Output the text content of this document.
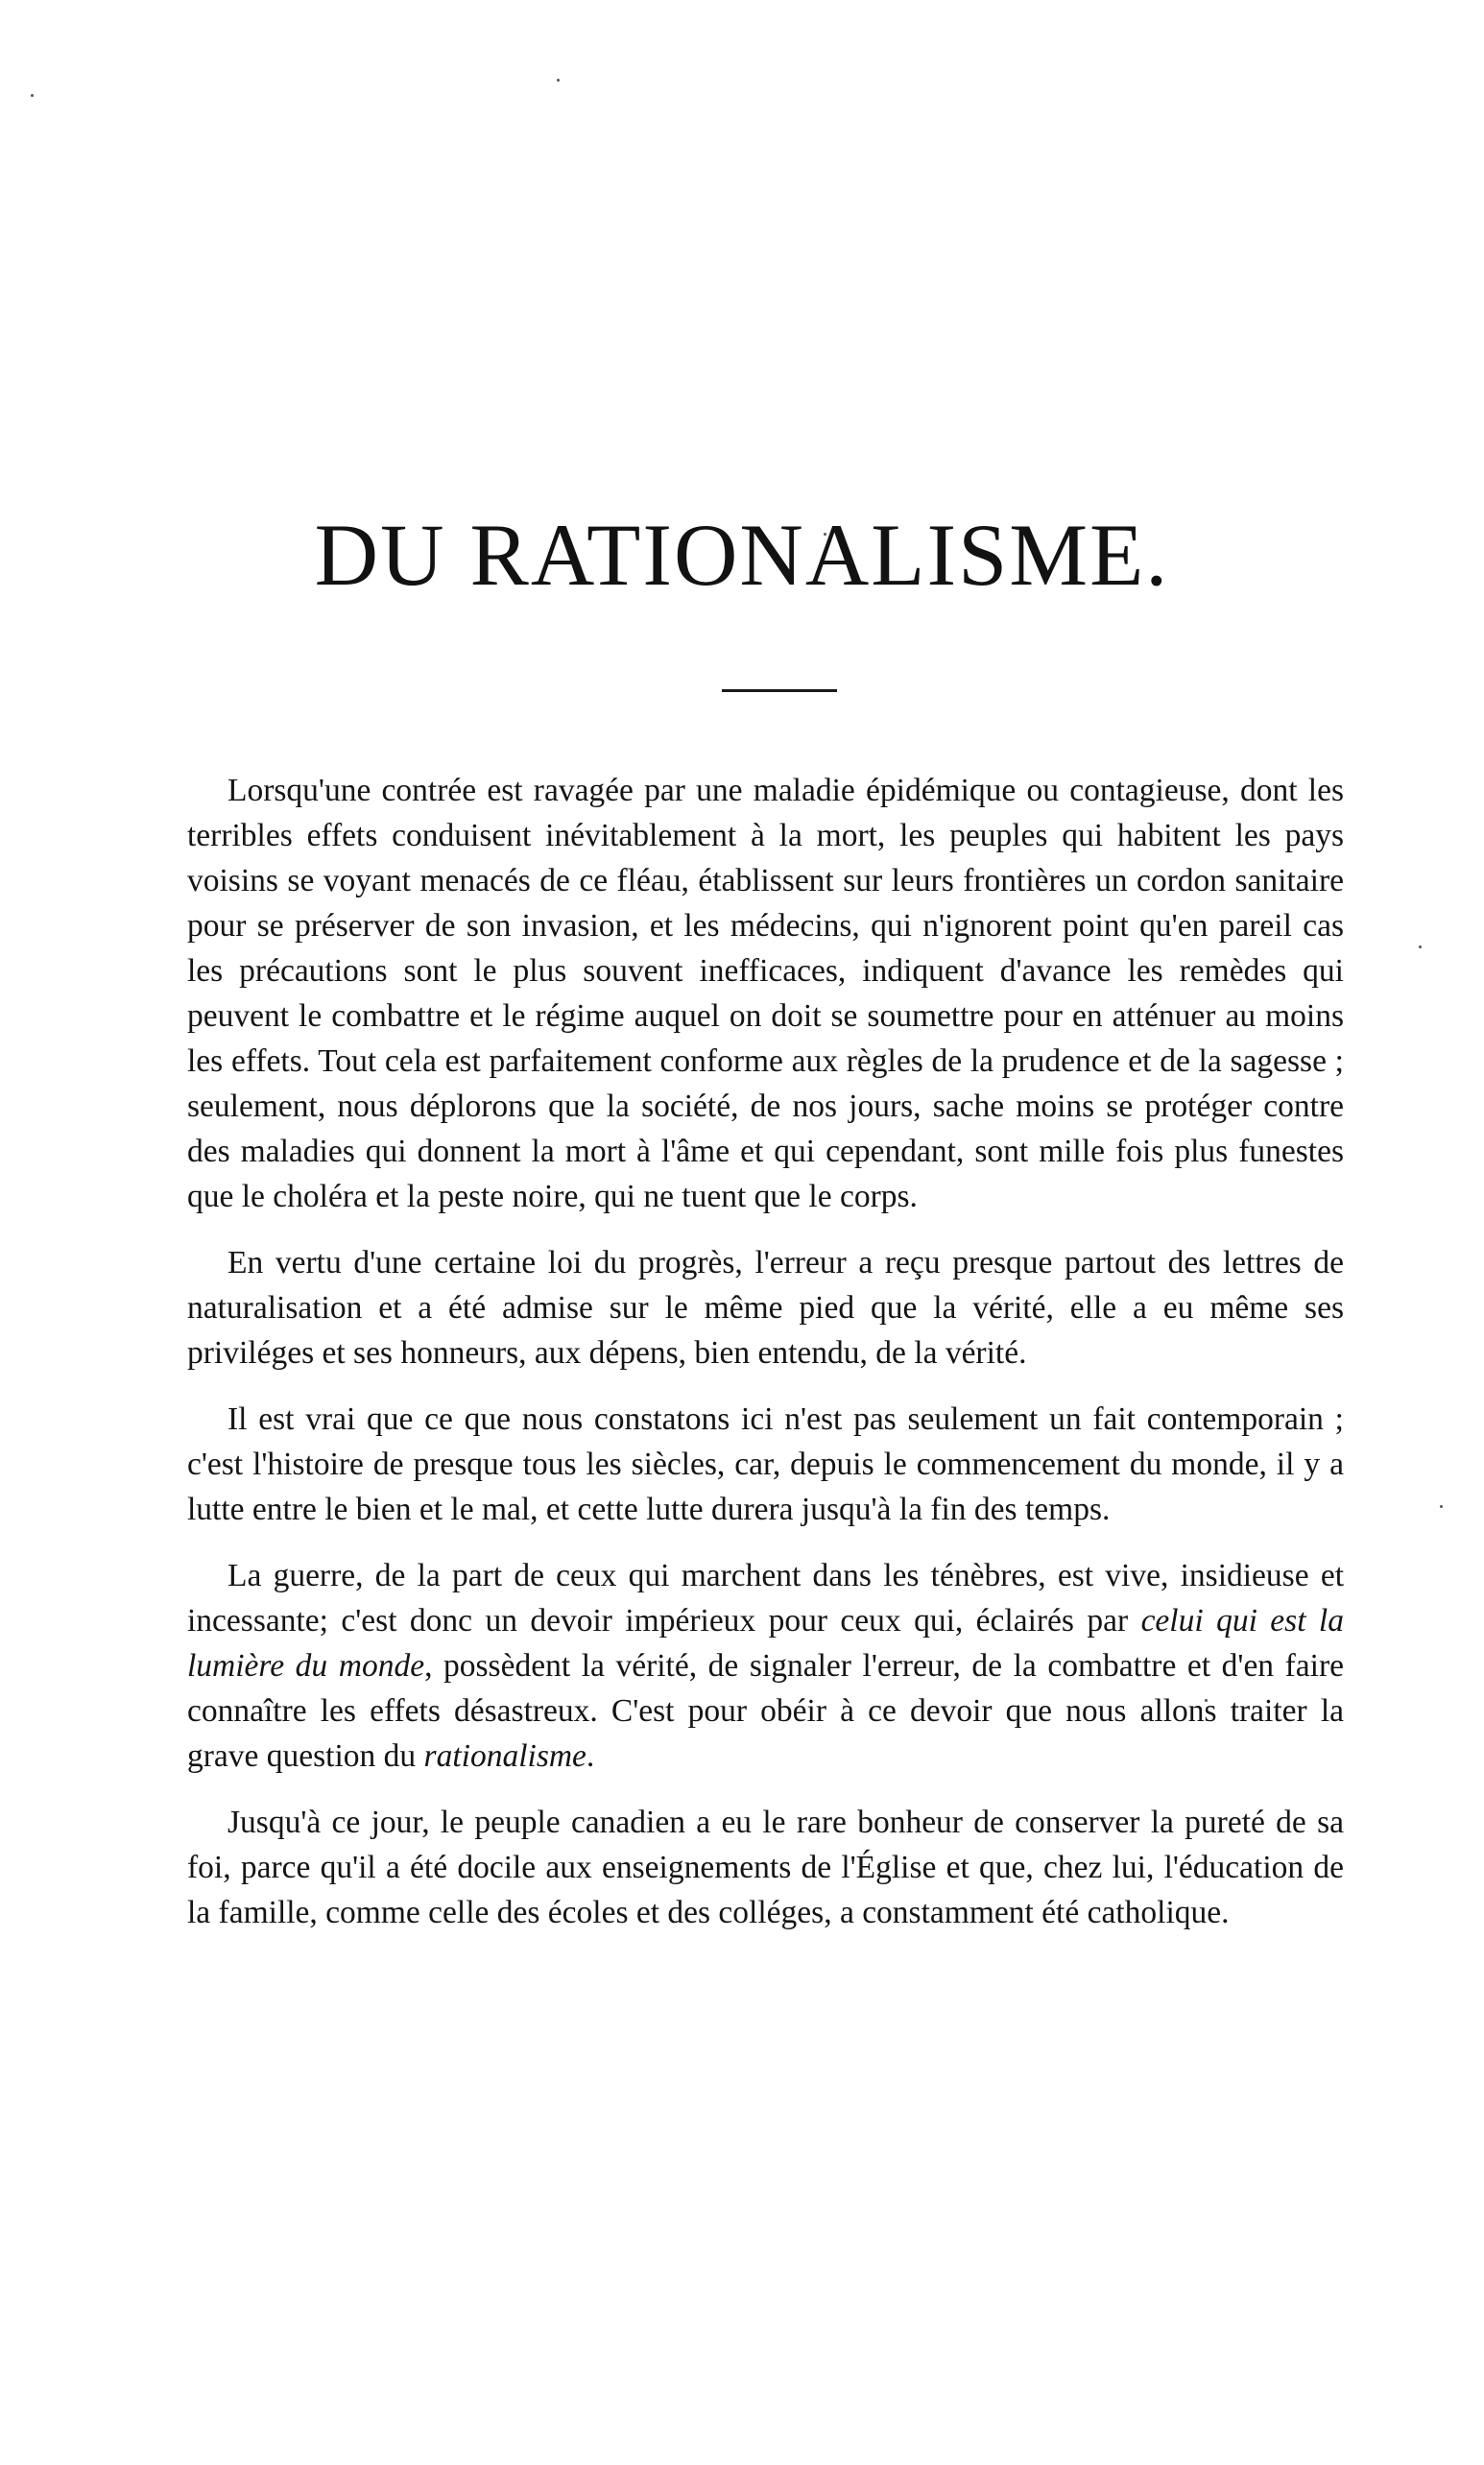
DU RATIONALISME.

Lorsqu'une contrée est ravagée par une maladie épidémique ou contagieuse, dont les terribles effets conduisent inévitablement à la mort, les peuples qui habitent les pays voisins se voyant menacés de ce fléau, établissent sur leurs frontières un cordon sanitaire pour se préserver de son invasion, et les médecins, qui n'ignorent point qu'en pareil cas les précautions sont le plus souvent inefficaces, indiquent d'avance les remèdes qui peuvent le combattre et le régime auquel on doit se soumettre pour en atténuer au moins les effets. Tout cela est parfaitement conforme aux règles de la prudence et de la sagesse ; seulement, nous déplorons que la société, de nos jours, sache moins se protéger contre des maladies qui donnent la mort à l'âme et qui cependant, sont mille fois plus funestes que le choléra et la peste noire, qui ne tuent que le corps.

En vertu d'une certaine loi du progrès, l'erreur a reçu presque partout des lettres de naturalisation et a été admise sur le même pied que la vérité, elle a eu même ses priviléges et ses honneurs, aux dépens, bien entendu, de la vérité.

Il est vrai que ce que nous constatons ici n'est pas seulement un fait contemporain ; c'est l'histoire de presque tous les siècles, car, depuis le commencement du monde, il y a lutte entre le bien et le mal, et cette lutte durera jusqu'à la fin des temps.

La guerre, de la part de ceux qui marchent dans les ténèbres, est vive, insidieuse et incessante; c'est donc un devoir impérieux pour ceux qui, éclairés par celui qui est la lumière du monde, possèdent la vérité, de signaler l'erreur, de la combattre et d'en faire connaître les effets désastreux. C'est pour obéir à ce devoir que nous allons traiter la grave question du rationalisme.

Jusqu'à ce jour, le peuple canadien a eu le rare bonheur de conserver la pureté de sa foi, parce qu'il a été docile aux enseignements de l'Église et que, chez lui, l'éducation de la famille, comme celle des écoles et des colléges, a constamment été catholique.
